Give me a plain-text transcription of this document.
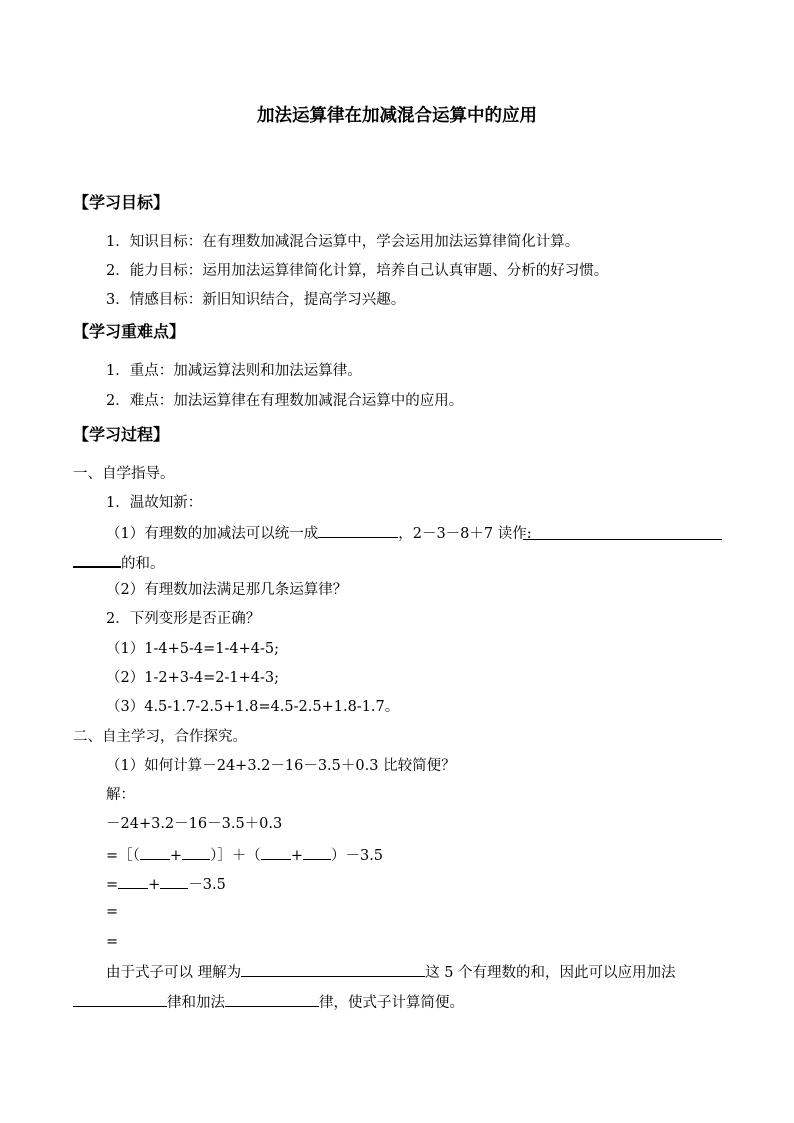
加法运算律在加减混合运算中的应用
【学习目标】
1．知识目标：在有理数加减混合运算中，学会运用加法运算律简化计算。
2．能力目标：运用加法运算律简化计算，培养自己认真审题、分析的好习惯。
3．情感目标：新旧知识结合，提高学习兴趣。
【学习重难点】
1．重点：加减运算法则和加法运算律。
2．难点：加法运算律在有理数加减混合运算中的应用。
【学习过程】
一、自学指导。
1．温故知新：
（1）有理数的加减法可以统一成	，2－3－8＋7 读作:
的和。
（2）有理数加法满足那几条运算律？
2．下列变形是否正确？
（1）1-4+5-4=1-4+4-5;
（2）1-2+3-4=2-1+4-3;
（3）4.5-1.7-2.5+1.8=4.5-2.5+1.8-1.7。
二、自主学习，合作探究。
（1）如何计算－24+3.2－16－3.5＋0.3 比较简便？
解：
－24+3.2－16－3.5＋0.3
=［（ + ）］＋（ + ）－3.5
= + －3.5
=
=
由于式子可以 理解为	这 5 个有理数的和，因此可以应用加法
律和加法	律，使式子计算简便。
